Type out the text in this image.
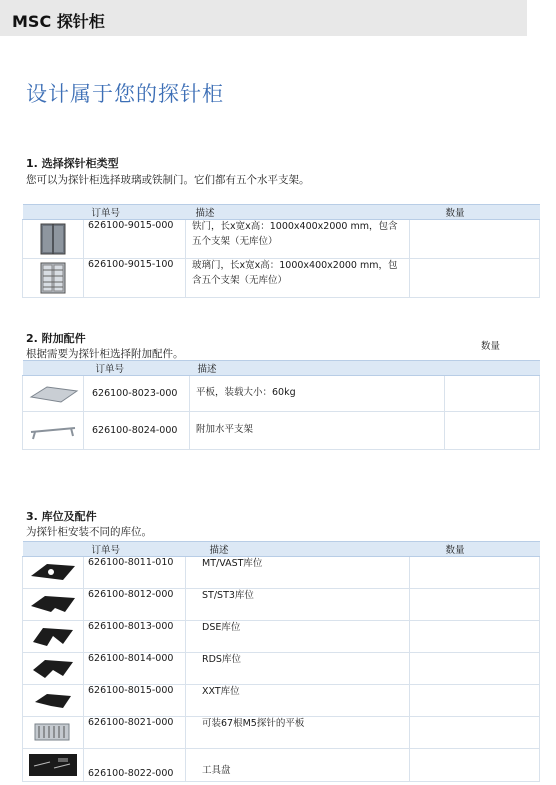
MSC 探针柜
设计属于您的探针柜
1. 选择探针柜类型
您可以为探针柜选择玻璃或铁制门。它们都有五个水平支架。
	订单号	描述	数量

	626100-9015-000	铁门，长x宽x高：1000x400x2000 mm，包含五个支架（无库位）	

	626100-9015-100	玻璃门，长x宽x高：1000x400x2000 mm，包含五个支架（无库位）	
2. 附加配件
根据需要为探针柜选择附加配件。
数量
	订单号	描述	

	626100-8023-000	平板，装载大小：60kg	

	626100-8024-000	附加水平支架	
3. 库位及配件
为探针柜安装不同的库位。
	订单号	描述	数量

	626100-8011-010	MT/VAST库位	

	626100-8012-000	ST/ST3库位	

	626100-8013-000	DSE库位	

	626100-8014-000	RDS库位	

	626100-8015-000	XXT库位	

	626100-8021-000	可装67根M5探针的平板	

	626100-8022-000	工具盘	
